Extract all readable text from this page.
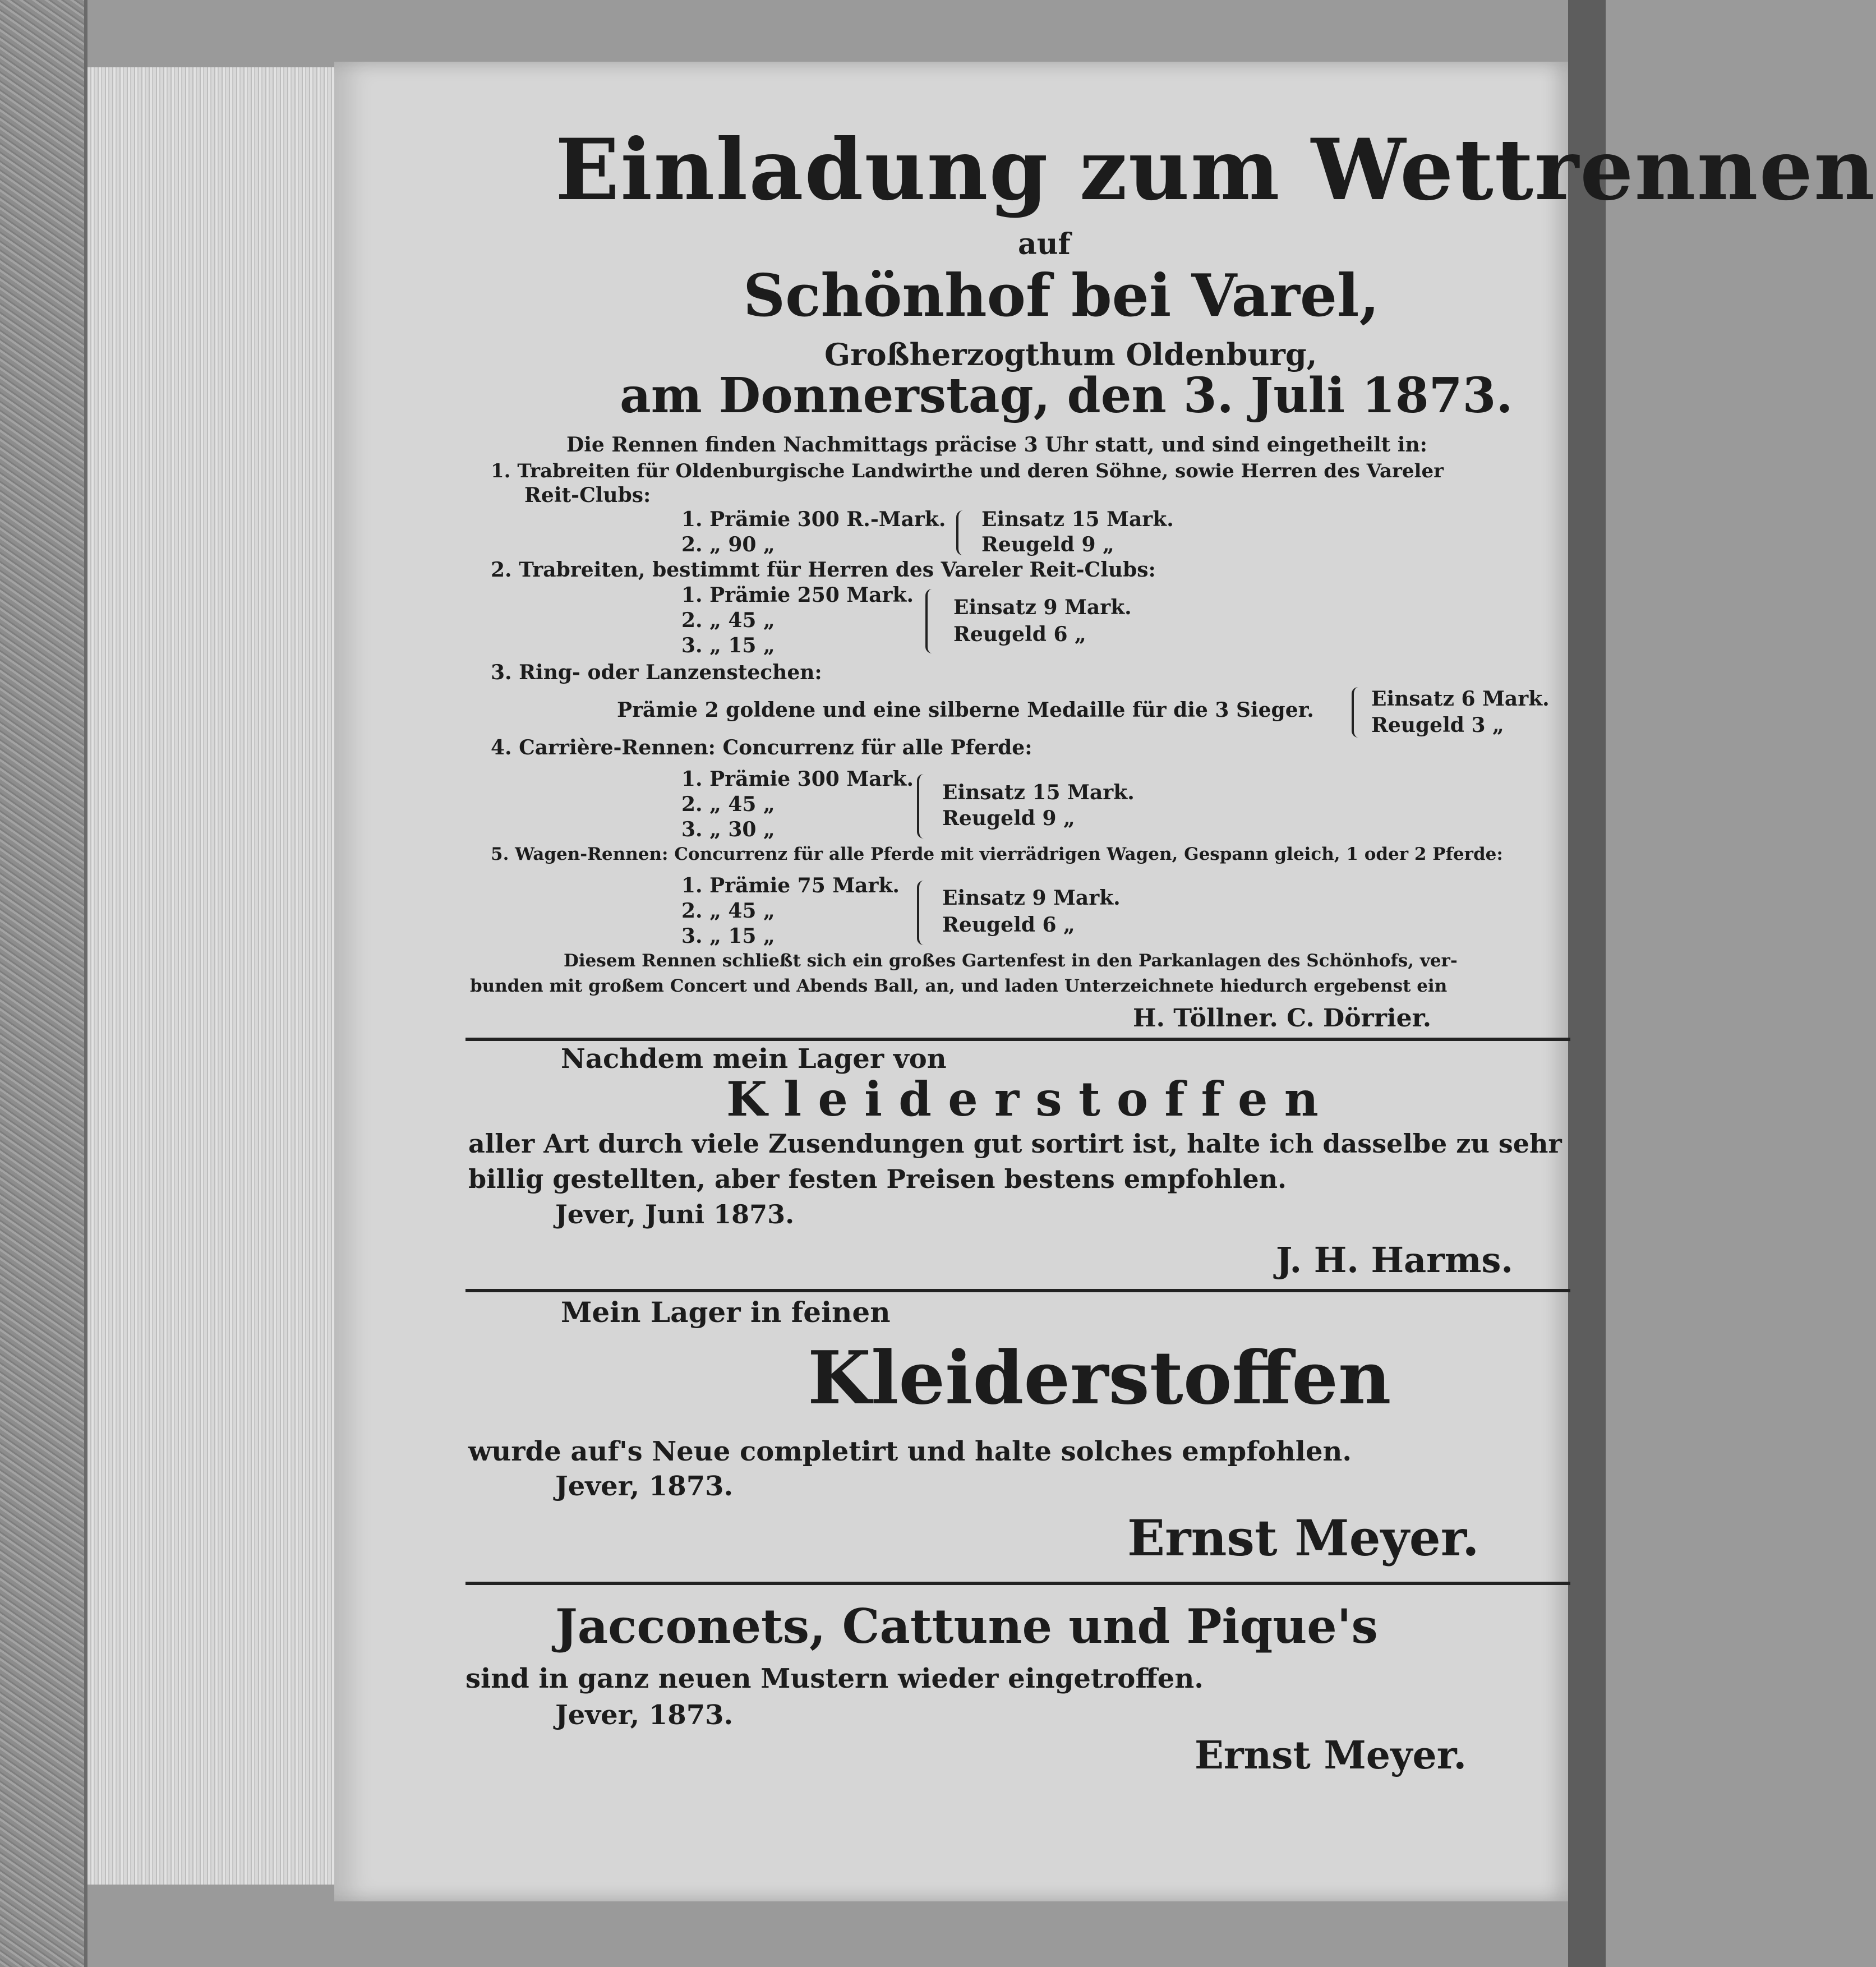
Einladung zum Wettrennen
auf
Schönhof bei Varel,
Großherzogthum Oldenburg,
am Donnerstag, den 3. Juli 1873.
Die Rennen finden Nachmittags präcise 3 Uhr statt, und sind eingetheilt in:
1. Trabreiten für Oldenburgische Landwirthe und deren Söhne, sowie Herren des Vareler
Reit-Clubs:
1. Prämie 300 R.-Mark.
2. „ 90 „
Einsatz 15 Mark.
Reugeld 9 „
2. Trabreiten, bestimmt für Herren des Vareler Reit-Clubs:
1. Prämie 250 Mark.
2. „ 45 „
3. „ 15 „
Einsatz 9 Mark.
Reugeld 6 „
3. Ring- oder Lanzenstechen:
Prämie 2 goldene und eine silberne Medaille für die 3 Sieger.	Einsatz 6 Mark.
Reugeld 3 „
4. Carrière-Rennen: Concurrenz für alle Pferde:
1. Prämie 300 Mark.
2. „ 45 „
3. „ 30 „
Einsatz 15 Mark.
Reugeld 9 „
5. Wagen-Rennen: Concurrenz für alle Pferde mit vierrädrigen Wagen, Gespann gleich, 1 oder 2 Pferde:
1. Prämie 75 Mark.
2. „ 45 „
3. „ 15 „
Einsatz 9 Mark.
Reugeld 6 „
Diesem Rennen schließt sich ein großes Gartenfest in den Parkanlagen des Schönhofs, ver-
bunden mit großem Concert und Abends Ball, an, und laden Unterzeichnete hiedurch ergebenst ein
H. Töllner. C. Dörrier.
Nachdem mein Lager von
K l e i d e r s t o f f e n
aller Art durch viele Zusendungen gut sortirt ist, halte ich dasselbe zu sehr
billig gestellten, aber festen Preisen bestens empfohlen.
Jever, Juni 1873.
J. H. Harms.
Mein Lager in feinen
Kleiderstoffen
wurde auf's Neue completirt und halte solches empfohlen.
Jever, 1873.
Ernst Meyer.
Jacconets, Cattune und Pique's
sind in ganz neuen Mustern wieder eingetroffen.
Jever, 1873.
Ernst Meyer.
